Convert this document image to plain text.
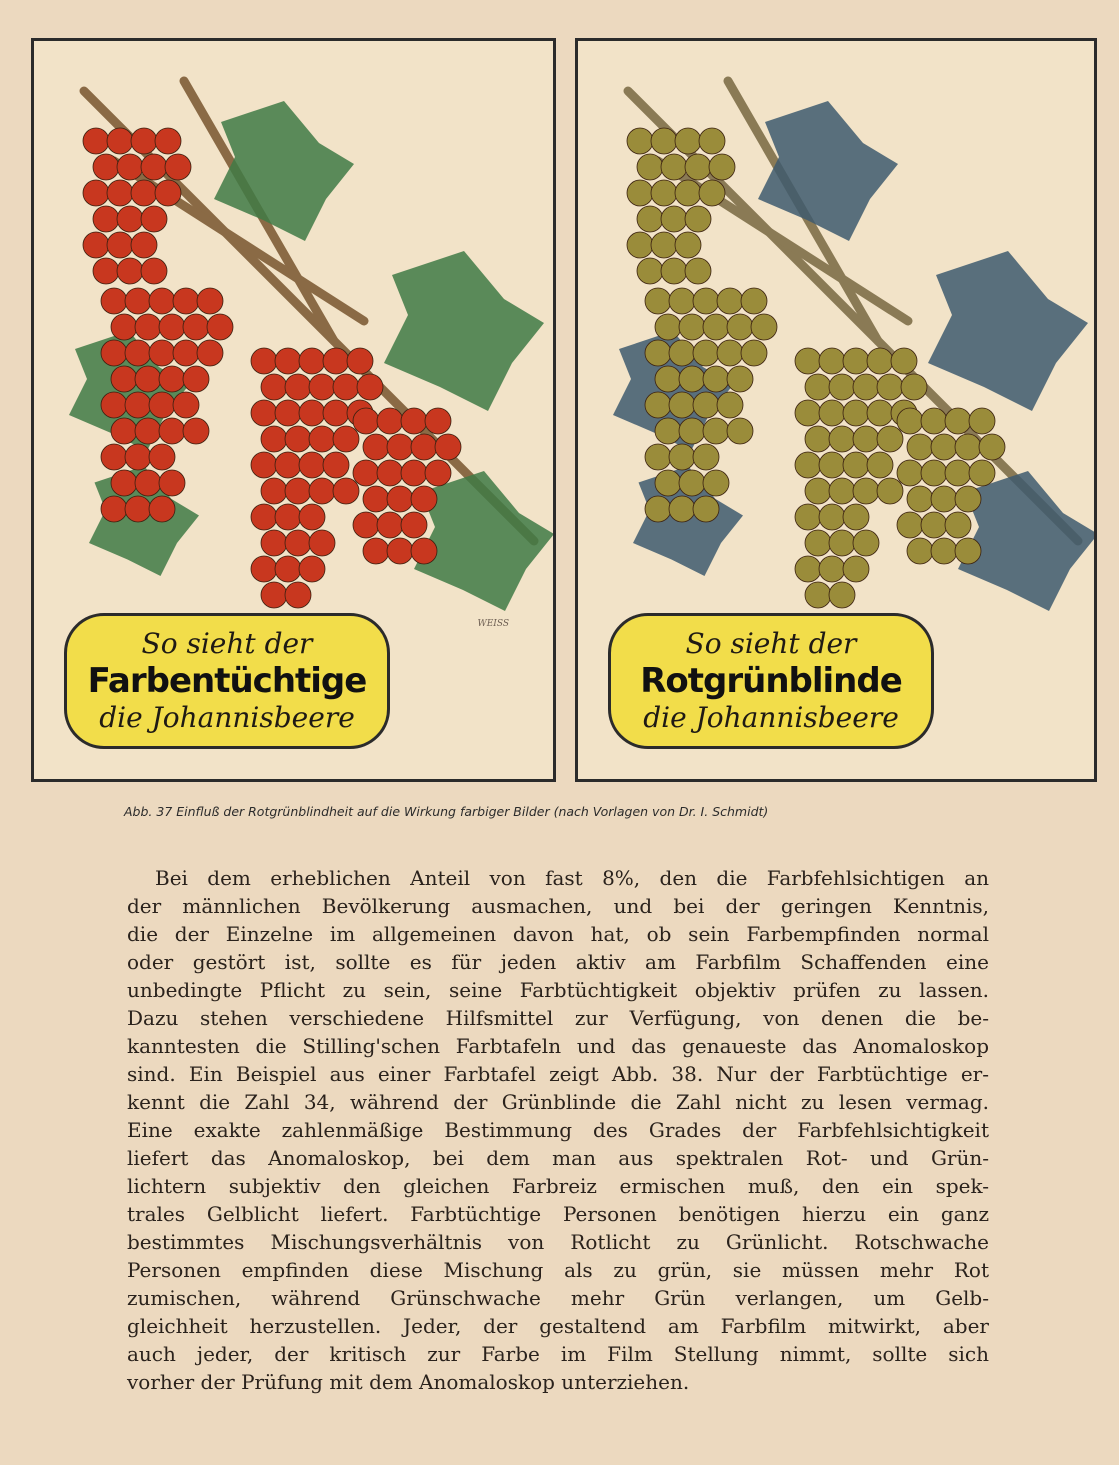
WEISS
So sieht der
Farbentüchtige
die Johannisbeere
So sieht der
Rotgrünblinde
die Johannisbeere
Abb. 37 Einfluß der Rotgrünblindheit auf die Wirkung farbiger Bilder (nach Vorlagen von Dr. I. Schmidt)
Bei dem erheblichen Anteil von fast 8%, den die Farbfehlsichtigen an
der männlichen Bevölkerung ausmachen, und bei der geringen Kenntnis,
die der Einzelne im allgemeinen davon hat, ob sein Farbempfinden normal
oder gestört ist, sollte es für jeden aktiv am Farbfilm Schaffenden eine
unbedingte Pflicht zu sein, seine Farbtüchtigkeit objektiv prüfen zu lassen.
Dazu stehen verschiedene Hilfsmittel zur Verfügung, von denen die be-
kanntesten die Stilling'schen Farbtafeln und das genaueste das Anomaloskop
sind. Ein Beispiel aus einer Farbtafel zeigt Abb. 38. Nur der Farbtüchtige er-
kennt die Zahl 34, während der Grünblinde die Zahl nicht zu lesen vermag.
Eine exakte zahlenmäßige Bestimmung des Grades der Farbfehlsichtigkeit
liefert das Anomaloskop, bei dem man aus spektralen Rot- und Grün-
lichtern subjektiv den gleichen Farbreiz ermischen muß, den ein spek-
trales Gelblicht liefert. Farbtüchtige Personen benötigen hierzu ein ganz
bestimmtes Mischungsverhältnis von Rotlicht zu Grünlicht. Rotschwache
Personen empfinden diese Mischung als zu grün, sie müssen mehr Rot
zumischen, während Grünschwache mehr Grün verlangen, um Gelb-
gleichheit herzustellen. Jeder, der gestaltend am Farbfilm mitwirkt, aber
auch jeder, der kritisch zur Farbe im Film Stellung nimmt, sollte sich
vorher der Prüfung mit dem Anomaloskop unterziehen.
